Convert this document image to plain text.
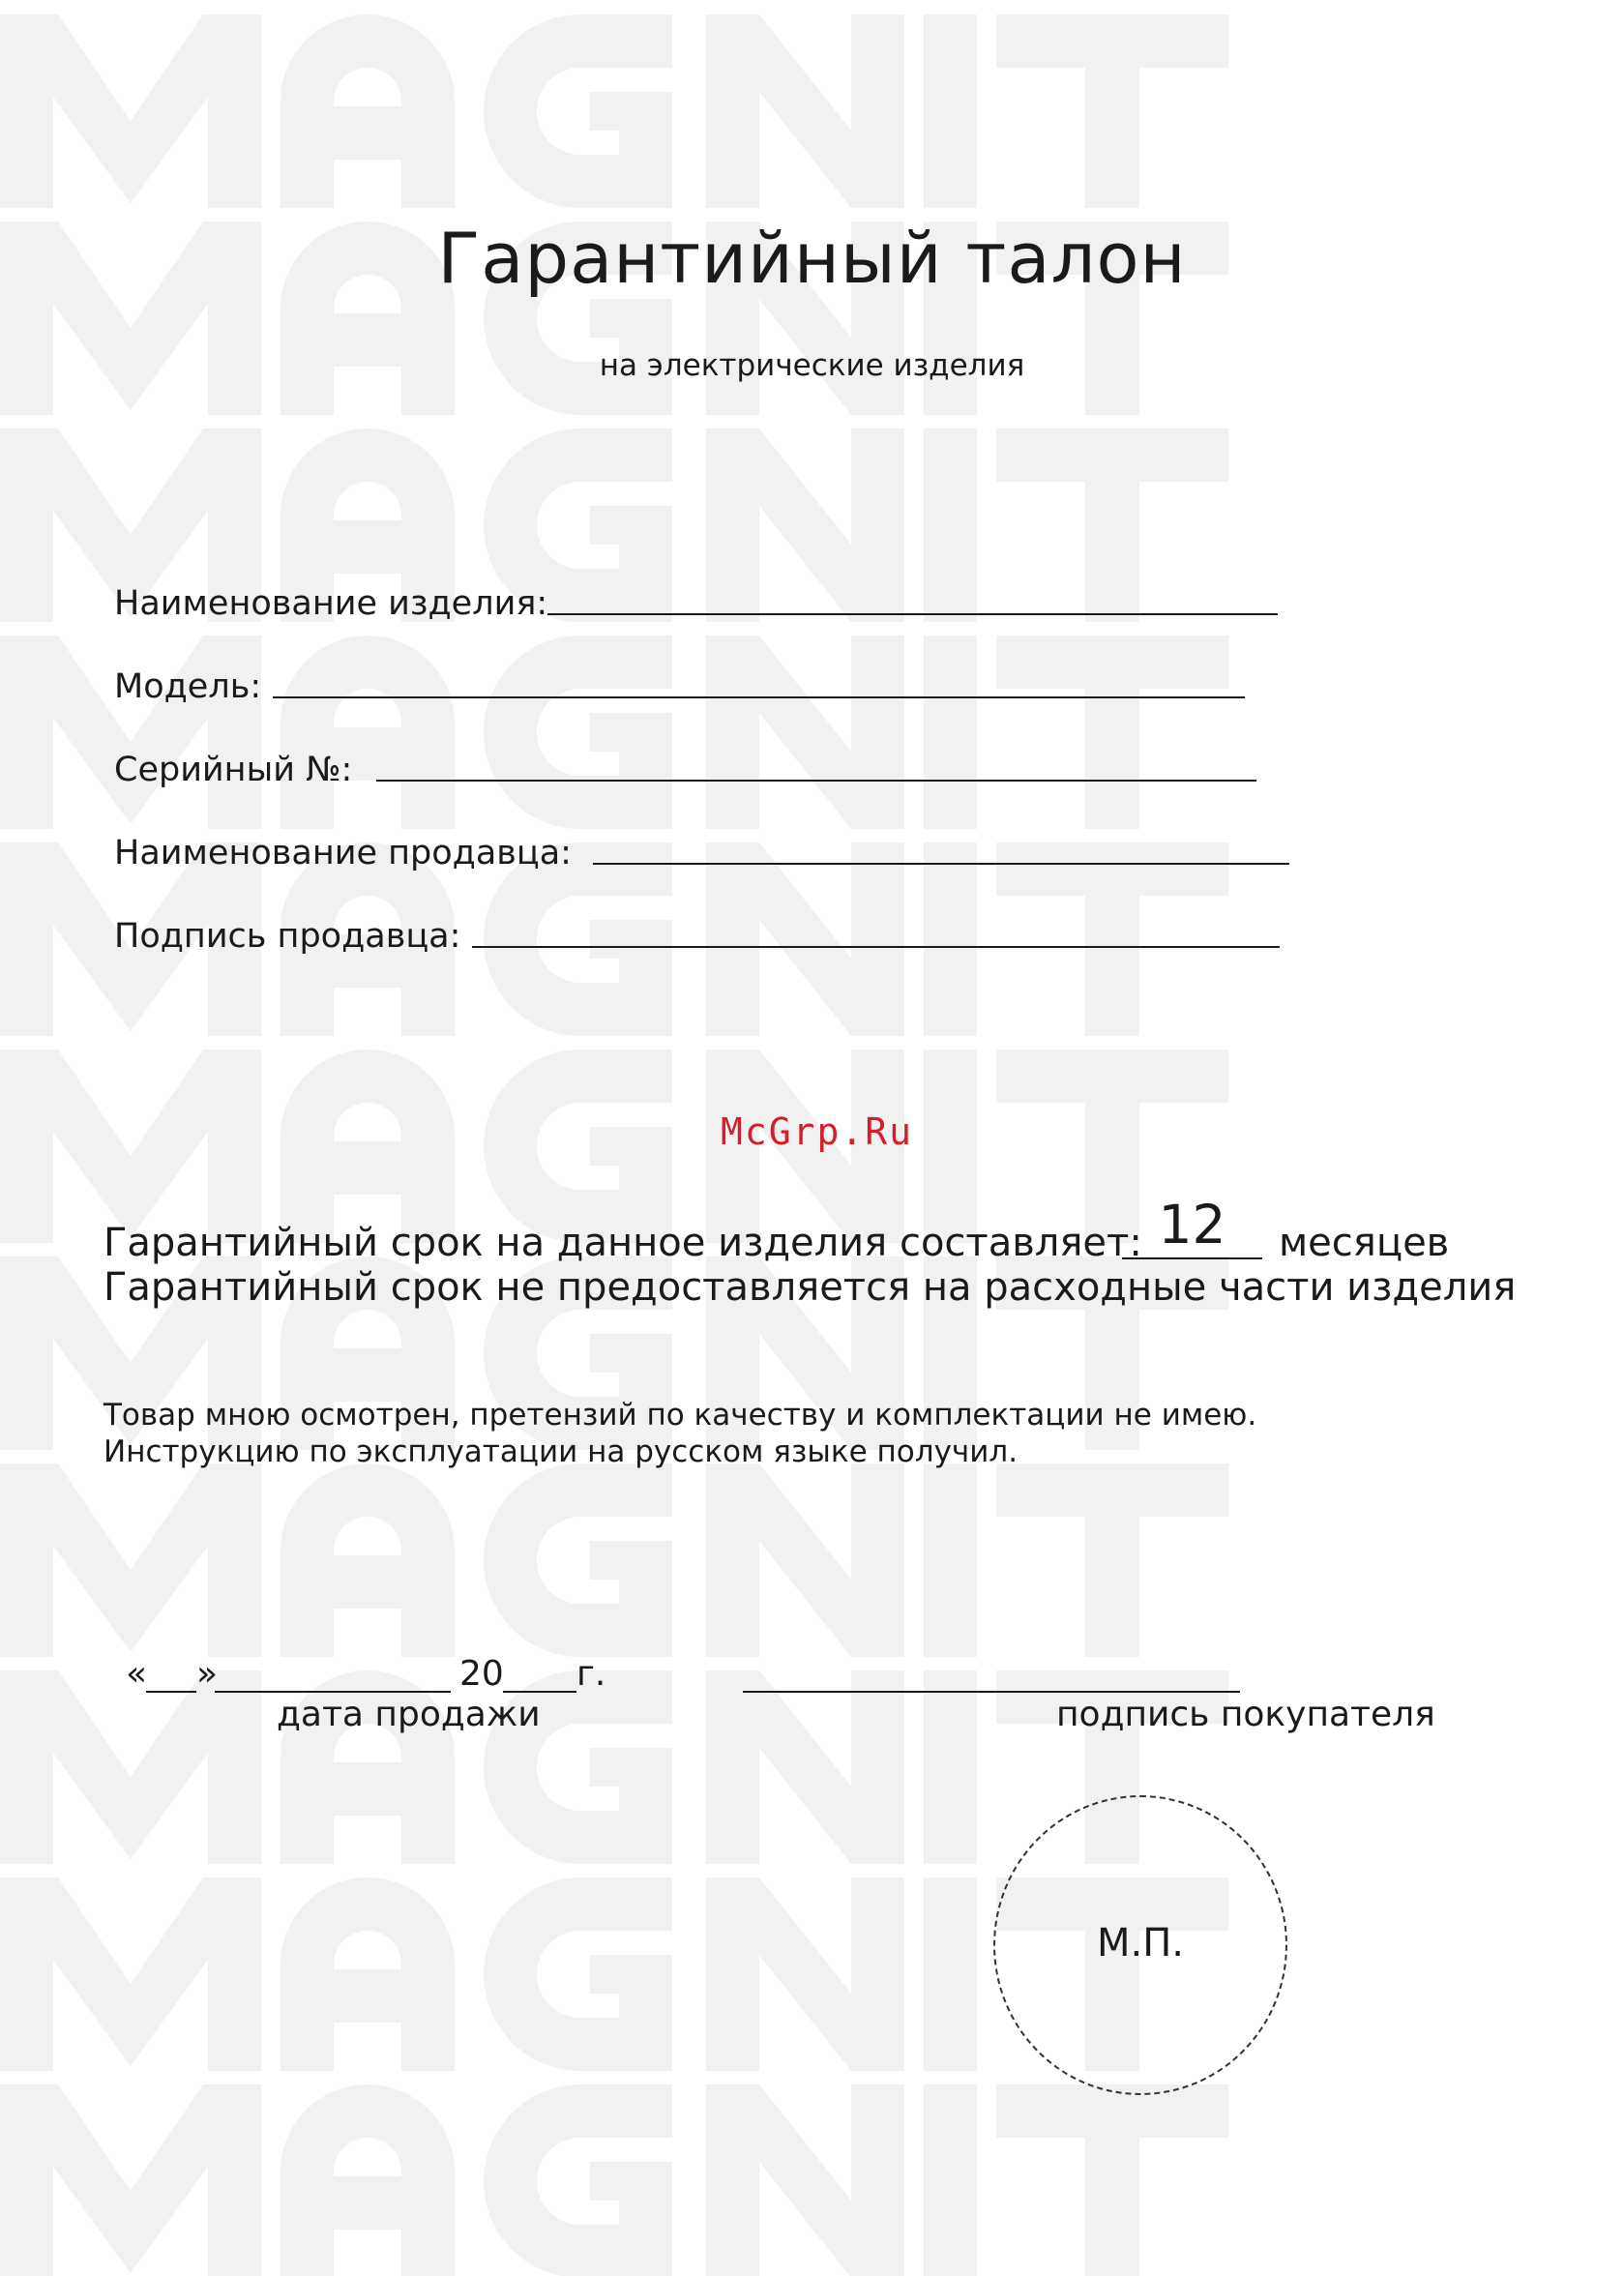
Гарантийный талон
на электрические изделия
Наименование изделия:
Модель:
Серийный №:
Наименование продавца:
Подпись продавца:
McGrp.Ru
Гарантийный срок на данное изделия составляет: 12	месяцев
Гарантийный срок не предоставляется на расходные части изделия
Товар мною осмотрен, претензий по качеству и комплектации не имею.
Инструкцию по эксплуатации на русском языке получил.
« »	20 г.
дата продажи	подпись покупателя
М.П.
